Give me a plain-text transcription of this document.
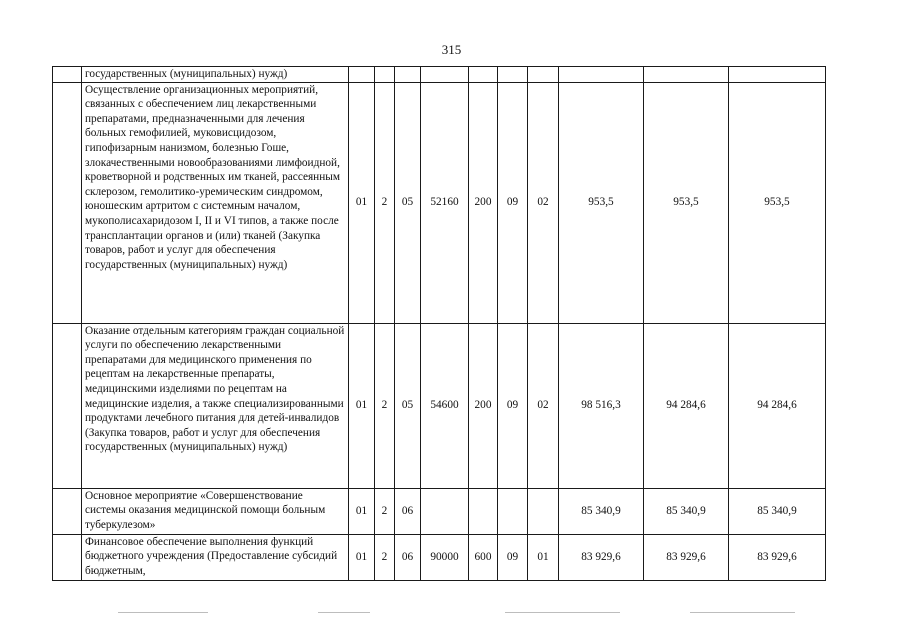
315
	государственных (муниципальных) нужд)										
	Осуществление организационных мероприятий, связанных с обеспечением лиц лекарственными препаратами, предназначенными для лечения больных гемофилией, муковисцидозом, гипофизарным нанизмом, болезнью Гоше, злокачественными новообразованиями лимфоидной, кроветворной и родственных им тканей, рассеянным склерозом, гемолитико-уремическим синдромом, юношеским артритом с системным началом, мукополисахаридозом I, II и VI типов, а также после трансплантации органов и (или) тканей (Закупка товаров, работ и услуг для обеспечения государственных (муниципальных) нужд)	01	2	05	52160	200	09	02	953,5	953,5	953,5
	Оказание отдельным категориям граждан социальной услуги по обеспечению лекарственными препаратами для медицинского применения по рецептам на лекарственные препараты, медицинскими изделиями по рецептам на медицинские изделия, а также специализированными продуктами лечебного питания для детей-инвалидов (Закупка товаров, работ и услуг для обеспечения государственных (муниципальных) нужд)	01	2	05	54600	200	09	02	98 516,3	94 284,6	94 284,6
	Основное мероприятие «Совершенствование системы оказания медицинской помощи больным туберкулезом»	01	2	06					85 340,9	85 340,9	85 340,9
	Финансовое обеспечение выполнения функций бюджетного учреждения (Предоставление субсидий бюджетным,	01	2	06	90000	600	09	01	83 929,6	83 929,6	83 929,6
